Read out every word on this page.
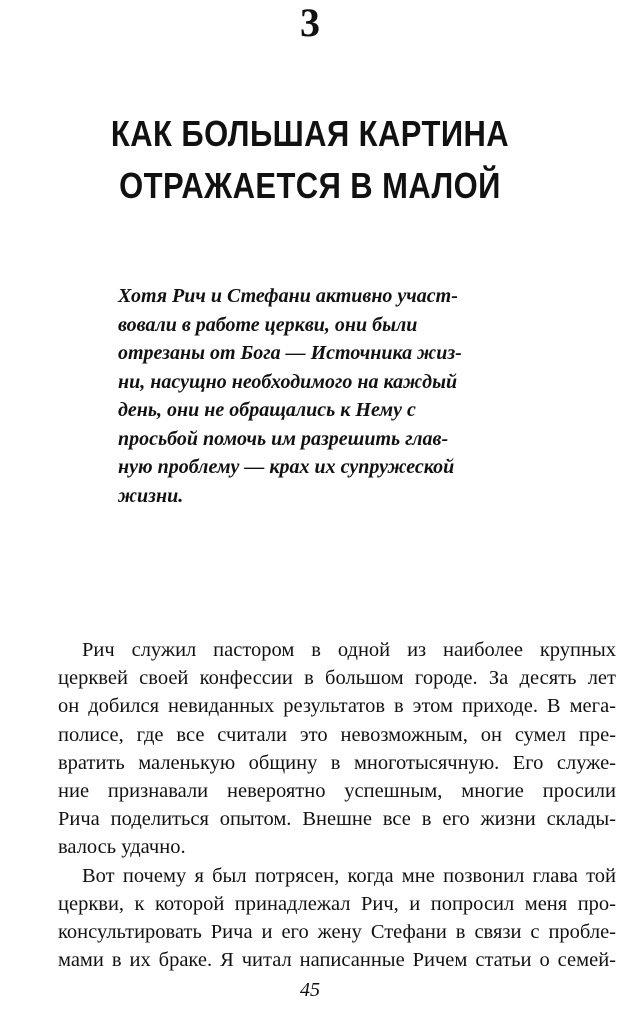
3
КАК БОЛЬШАЯ КАРТИНА
ОТРАЖАЕТСЯ В МАЛОЙ
Хотя Рич и Стефани активно участ-
вовали в работе церкви, они были
отрезаны от Бога — Источника жиз-
ни, насущно необходимого на каждый
день, они не обращались к Нему с
просьбой помочь им разрешить глав-
ную проблему — крах их супружеской
жизни.
Рич служил пастором в одной из наиболее крупных
церквей своей конфессии в большом городе. За десять лет
он добился невиданных результатов в этом приходе. В мега-
полисе, где все считали это невозможным, он сумел пре-
вратить маленькую общину в многотысячную. Его служе-
ние признавали невероятно успешным, многие просили
Рича поделиться опытом. Внешне все в его жизни склады-
валось удачно.
Вот почему я был потрясен, когда мне позвонил глава той
церкви, к которой принадлежал Рич, и попросил меня про-
консультировать Рича и его жену Стефани в связи с пробле-
мами в их браке. Я читал написанные Ричем статьи о семей-
45
